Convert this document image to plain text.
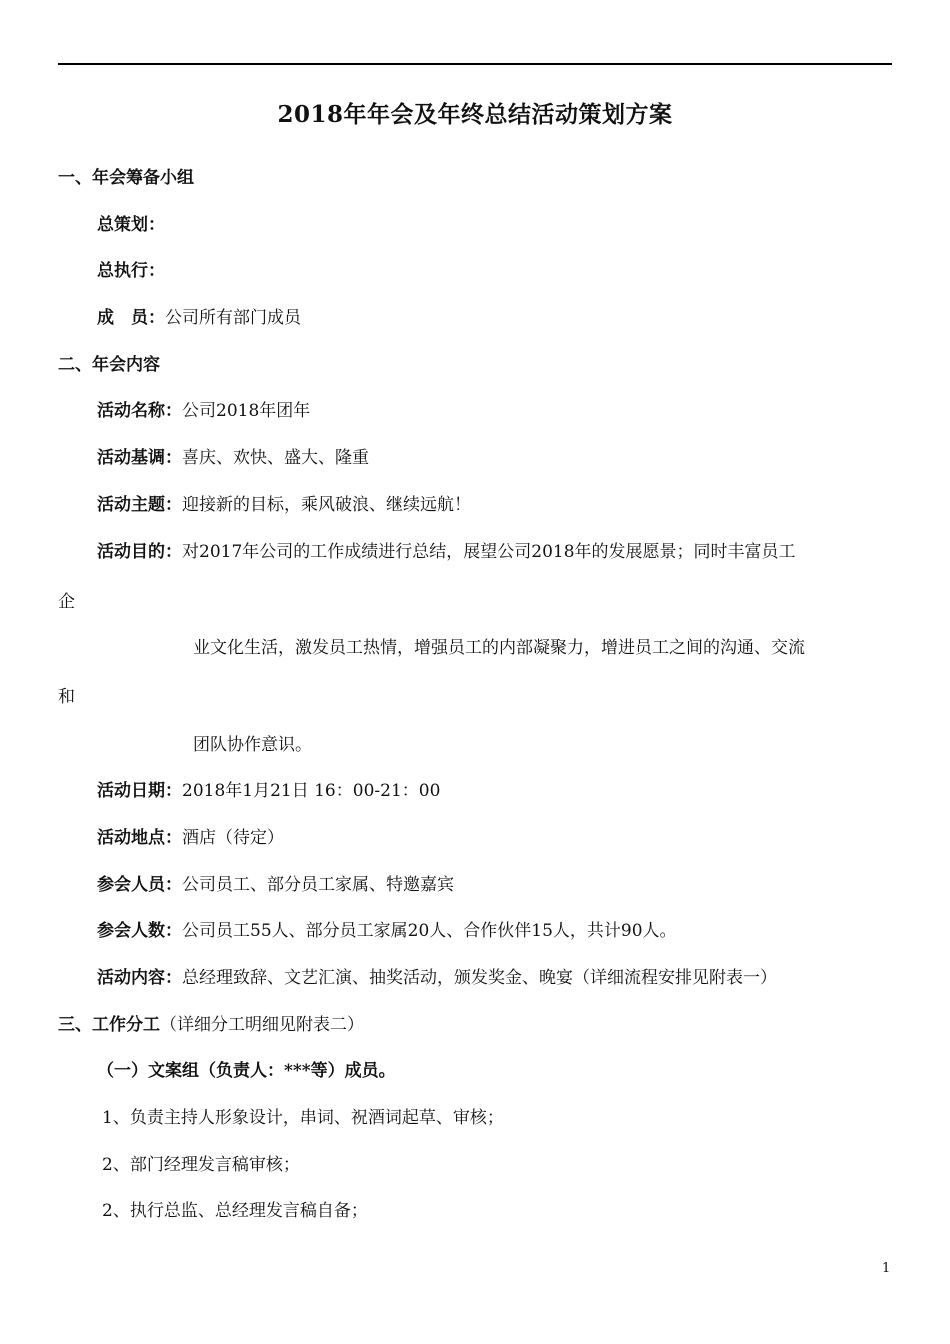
2018年年会及年终总结活动策划方案
一、年会筹备小组
总策划：
总执行：
成　员：公司所有部门成员
二、年会内容
活动名称：公司2018年团年
活动基调：喜庆、欢快、盛大、隆重
活动主题：迎接新的目标，乘风破浪、继续远航！
活动目的：对2017年公司的工作成绩进行总结，展望公司2018年的发展愿景；同时丰富员工
企
业文化生活，激发员工热情，增强员工的内部凝聚力，增进员工之间的沟通、交流
和
团队协作意识。
活动日期：2018年1月21日 16：00-21：00
活动地点：酒店（待定）
参会人员：公司员工、部分员工家属、特邀嘉宾
参会人数：公司员工55人、部分员工家属20人、合作伙伴15人，共计90人。
活动内容：总经理致辞、文艺汇演、抽奖活动，颁发奖金、晚宴（详细流程安排见附表一）
三、工作分工（详细分工明细见附表二）
（一）文案组（负责人：***等）成员。
1、负责主持人形象设计，串词、祝酒词起草、审核；
2、部门经理发言稿审核；
2、执行总监、总经理发言稿自备；
1
